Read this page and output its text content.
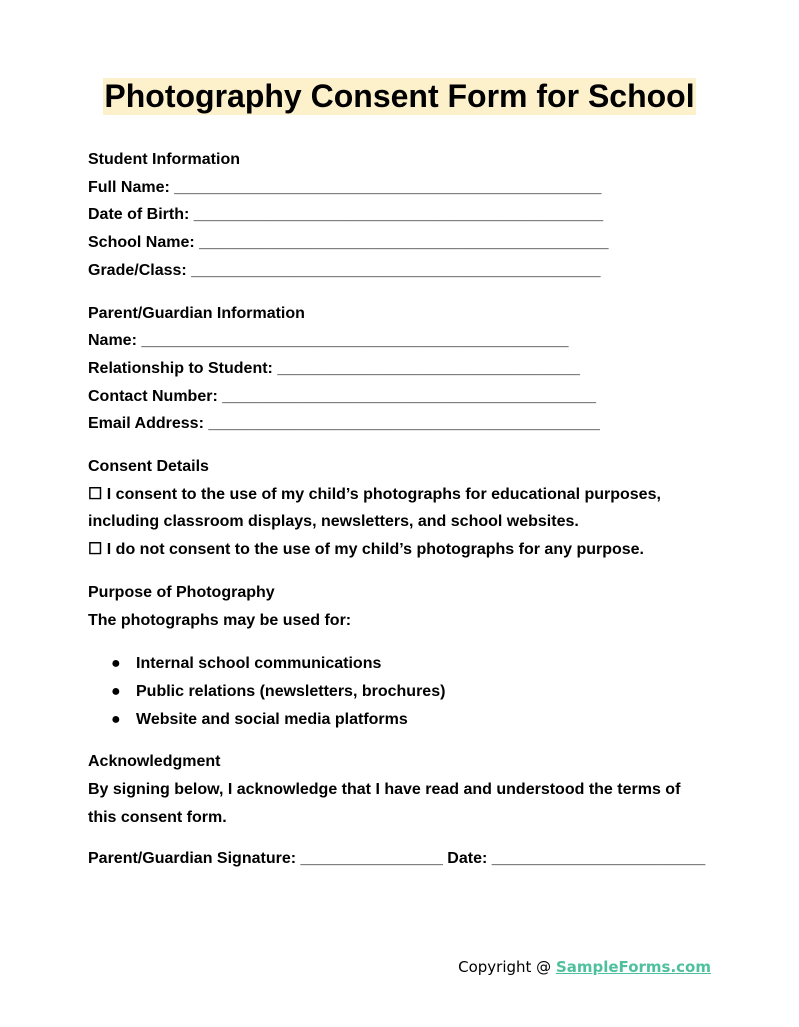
Photography Consent Form for School
Student Information
Full Name: ________________________________________________
Date of Birth: ______________________________________________
School Name: ______________________________________________
Grade/Class: ______________________________________________
Parent/Guardian Information
Name: ________________________________________________
Relationship to Student: __________________________________
Contact Number: __________________________________________
Email Address: ____________________________________________
Consent Details
☐ I consent to the use of my child’s photographs for educational purposes, including classroom displays, newsletters, and school websites.
☐ I do not consent to the use of my child’s photographs for any purpose.
Purpose of Photography
The photographs may be used for:
● Internal school communications
● Public relations (newsletters, brochures)
● Website and social media platforms
Acknowledgment
By signing below, I acknowledge that I have read and understood the terms of this consent form.
Parent/Guardian Signature: ________________ Date: ________________________
Copyright @ SampleForms.com
